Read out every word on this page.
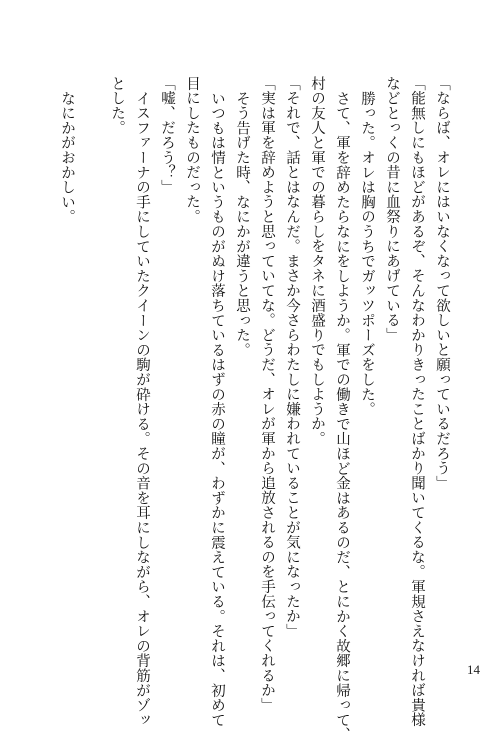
「ならば、オレにはいなくなって欲しいと願っているだろう」
「能無しにもほどがあるぞ、そんなわかりきったことばかり聞いてくるな。軍規さえなければ貴様
などとっくの昔に血祭りにあげている」
勝った。オレは胸のうちでガッツポーズをした。
さて、軍を辞めたらなにをしようか。軍での働きで山ほど金はあるのだ、とにかく故郷に帰って、
村の友人と軍での暮らしをタネに酒盛りでもしようか。
「それで、話とはなんだ。まさか今さらわたしに嫌われていることが気になったか」
「実は軍を辞めようと思っていてな。どうだ、オレが軍から追放されるのを手伝ってくれるか」
そう告げた時、なにかが違うと思った。
いつもは情というものがぬけ落ちているはずの赤の瞳が、わずかに震えている。それは、初めて
目にしたものだった。
「嘘、だろう？」
イスファーナの手にしていたクイーンの駒が砕ける。その音を耳にしながら、オレの背筋がゾッ
とした。
なにかがおかしい。
14
